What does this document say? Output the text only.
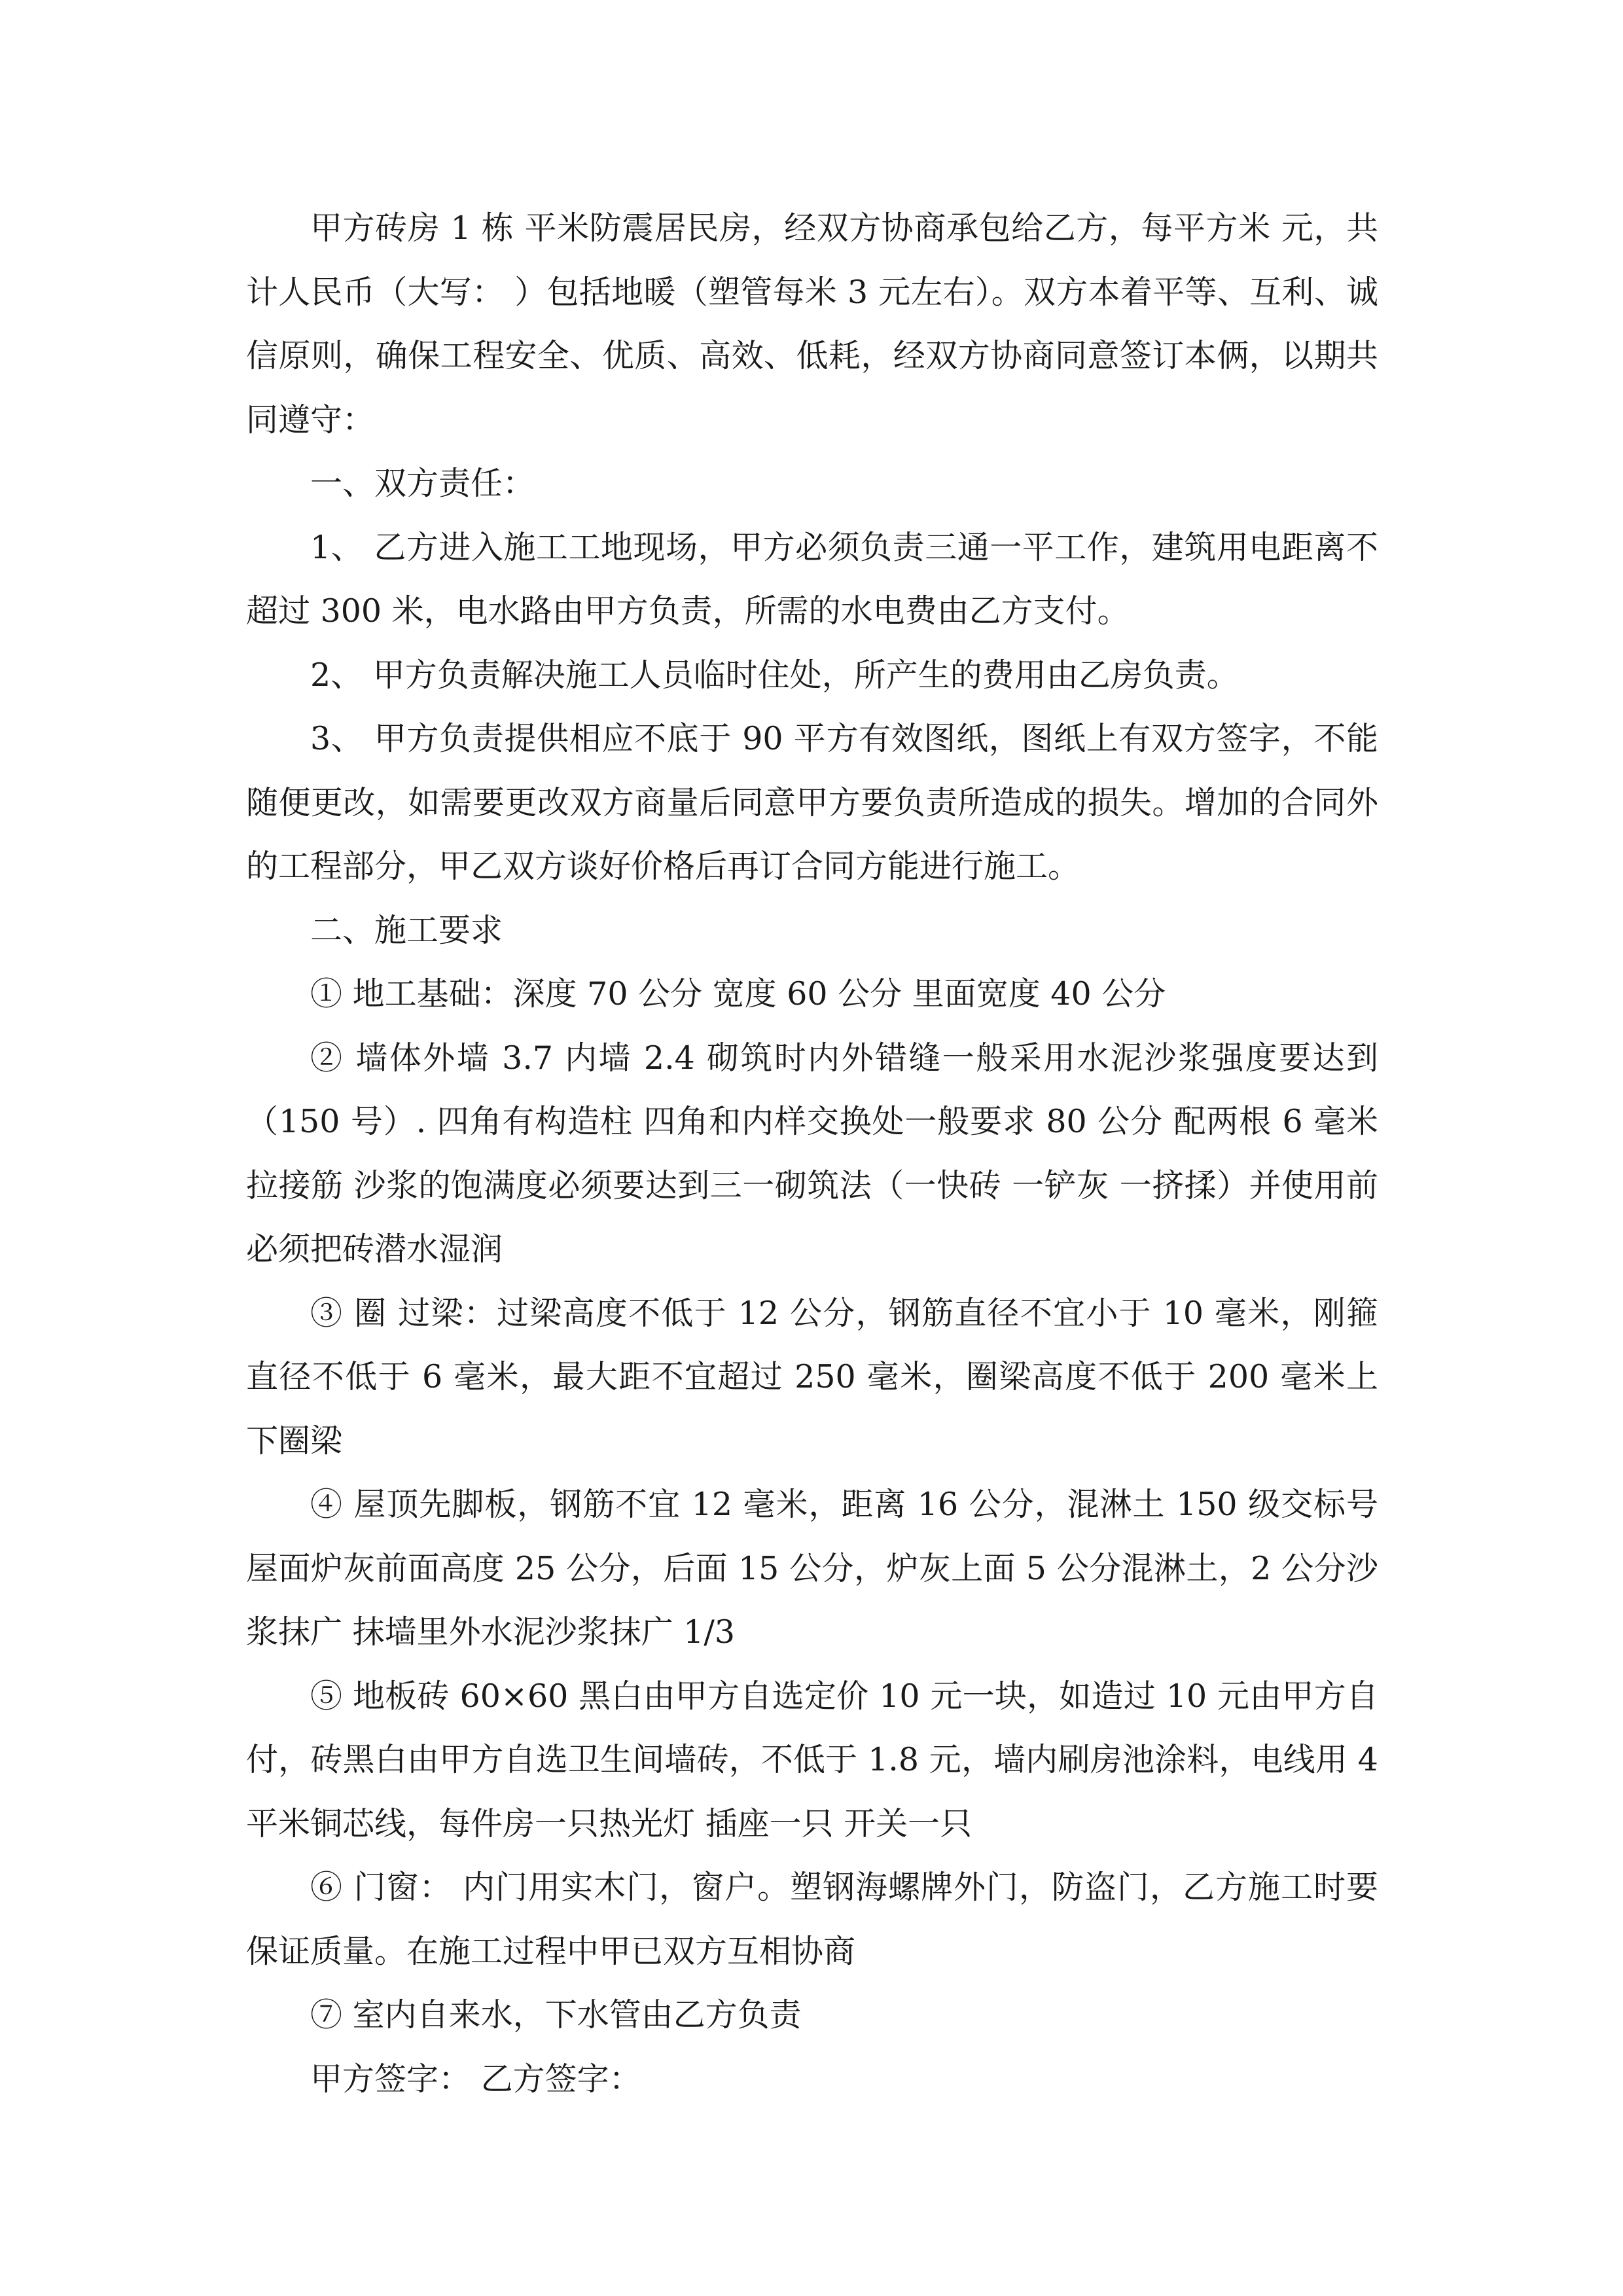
甲方砖房 1 栋 平米防震居民房，经双方协商承包给乙方，每平方米 元，共计人民币（大写： ）包括地暖（塑管每米 3 元左右）。双方本着平等、互利、诚信原则，确保工程安全、优质、高效、低耗，经双方协商同意签订本俩，以期共同遵守：

一、双方责任：

1、 乙方进入施工工地现场，甲方必须负责三通一平工作，建筑用电距离不超过 300 米，电水路由甲方负责，所需的水电费由乙方支付。

2、 甲方负责解决施工人员临时住处，所产生的费用由乙房负责。

3、 甲方负责提供相应不底于 90 平方有效图纸，图纸上有双方签字，不能随便更改，如需要更改双方商量后同意甲方要负责所造成的损失。增加的合同外的工程部分，甲乙双方谈好价格后再订合同方能进行施工。

二、施工要求

① 地工基础：深度 70 公分 宽度 60 公分 里面宽度 40 公分

② 墙体外墙 3.7 内墙 2.4 砌筑时内外错缝一般采用水泥沙浆强度要达到（150 号）. 四角有构造柱 四角和内样交换处一般要求 80 公分 配两根 6 毫米拉接筋 沙浆的饱满度必须要达到三一砌筑法（一快砖 一铲灰 一挤揉）并使用前必须把砖潜水湿润

③ 圈 过梁：过梁高度不低于 12 公分，钢筋直径不宜小于 10 毫米，刚箍直径不低于 6 毫米，最大距不宜超过 250 毫米，圈梁高度不低于 200 毫米上下圈梁

④ 屋顶先脚板，钢筋不宜 12 毫米，距离 16 公分，混淋土 150 级交标号屋面炉灰前面高度 25 公分，后面 15 公分，炉灰上面 5 公分混淋土，2 公分沙浆抹广 抹墙里外水泥沙浆抹广 1/3

⑤ 地板砖 60×60 黑白由甲方自选定价 10 元一块，如造过 10 元由甲方自付，砖黑白由甲方自选卫生间墙砖，不低于 1.8 元，墙内刷房池涂料，电线用 4 平米铜芯线，每件房一只热光灯 插座一只 开关一只

⑥ 门窗： 内门用实木门，窗户。塑钢海螺牌外门，防盗门，乙方施工时要保证质量。在施工过程中甲已双方互相协商

⑦ 室内自来水，下水管由乙方负责

甲方签字： 乙方签字：
